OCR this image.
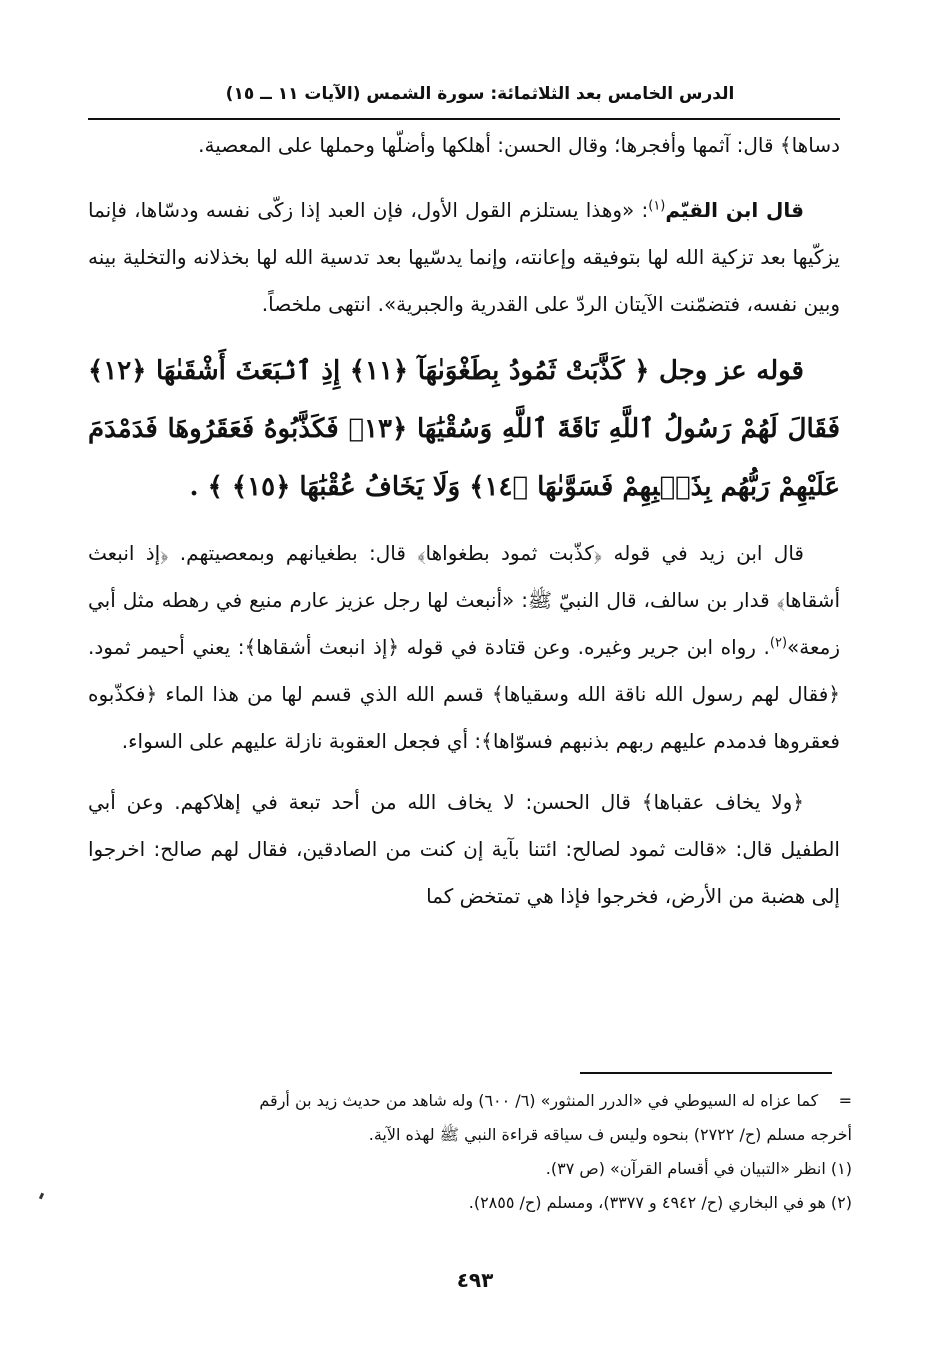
الدرس الخامس بعد الثلاثمائة: سورة الشمس (الآيات ١١ ــ ١٥)

دساها﴾ قال: آثمها وأفجرها؛ وقال الحسن: أهلكها وأضلّها وحملها على المعصية.

قال ابن القيّم$^{(١)}$: «وهذا يستلزم القول الأول، فإن العبد إذا زكّى نفسه ودسّاها، فإنما يزكّيها بعد تزكية الله لها بتوفيقه وإعانته، وإنما يدسّيها بعد تدسية الله لها بخذلانه والتخلية بينه وبين نفسه، فتضمّنت الآيتان الردّ على القدرية والجبرية». انتهى ملخصاً.

قوله عز وجل ﴿ كَذَّبَتْ ثَمُودُ بِطَغْوَىٰهَآ ﴿١١﴾ إِذِ ٱنۢبَعَثَ أَشْقَىٰهَا ﴿١٢﴾ فَقَالَ لَهُمْ رَسُولُ ٱللَّهِ نَاقَةَ ٱللَّهِ وَسُقْيَٰهَا ﴿١٣﴾ فَكَذَّبُوهُ فَعَقَرُوهَا فَدَمْدَمَ عَلَيْهِمْ رَبُّهُم بِذَنۢبِهِمْ فَسَوَّىٰهَا ﴿١٤﴾ وَلَا يَخَافُ عُقْبَٰهَا ﴿١٥﴾ ﴾ .

قال ابن زيد في قوله ﴿كذّبت ثمود بطغواها﴾ قال: بطغيانهم وبمعصيتهم. ﴿إذ انبعث أشقاها﴾ قدار بن سالف، قال النبيّ ﷺ: «أنبعث لها رجل عزيز عارم منيع في رهطه مثل أبي زمعة»$^{(٢)}$. رواه ابن جرير وغيره. وعن قتادة في قوله ﴿إذ انبعث أشقاها﴾: يعني أحيمر ثمود. ﴿فقال لهم رسول الله ناقة الله وسقياها﴾ قسم الله الذي قسم لها من هذا الماء ﴿فكذّبوه فعقروها فدمدم عليهم ربهم بذنبهم فسوّاها﴾: أي فجعل العقوبة نازلة عليهم على السواء.

﴿ولا يخاف عقباها﴾ قال الحسن: لا يخاف الله من أحد تبعة في إهلاكهم. وعن أبي الطفيل قال: «قالت ثمود لصالح: ائتنا بآية إن كنت من الصادقين، فقال لهم صالح: اخرجوا إلى هضبة من الأرض، فخرجوا فإذا هي تمتخض كما

=    كما عزاه له السيوطي في «الدرر المنثور» (٦/ ٦٠٠) وله شاهد من حديث زيد بن أرقم

أخرجه مسلم (ح/ ٢٧٢٢) بنحوه وليس ف سياقه قراءة النبي ﷺ لهذه الآية.

(١) انظر «التبيان في أقسام القرآن» (ص ٣٧).

(٢) هو في البخاري (ح/ ٤٩٤٢ و ٣٣٧٧)، ومسلم (ح/ ٢٨٥٥).

٤٩٣
